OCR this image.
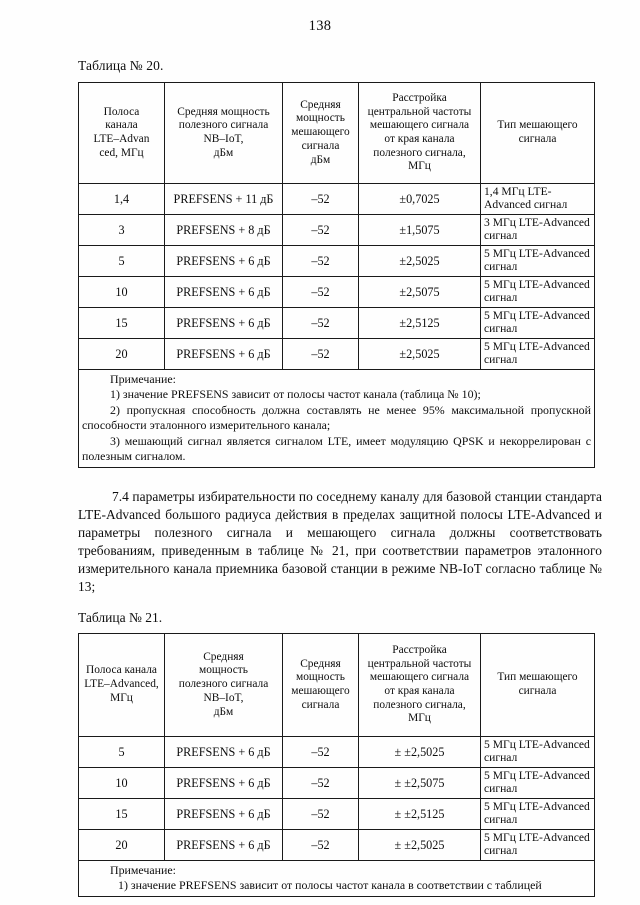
138
Таблица № 20.
Полоса
канала
LTE–Advan
ced, МГц	Средняя мощность
полезного сигнала
NB–IoT,
дБм	Средняя
мощность
мешающего
сигнала
дБм	Расстройка
центральной частоты
мешающего сигнала
от края канала
полезного сигнала,
МГц	Тип мешающего
сигнала
1,4	PREFSENS + 11 дБ	–52	±0,7025	1,4 МГц LTE-
Advanced сигнал
3	PREFSENS + 8 дБ	–52	±1,5075	3 МГц LTE-Advanced
сигнал
5	PREFSENS + 6 дБ	–52	±2,5025	5 МГц LTE-Advanced
сигнал
10	PREFSENS + 6 дБ	–52	±2,5075	5 МГц LTE-Advanced
сигнал
15	PREFSENS + 6 дБ	–52	±2,5125	5 МГц LTE-Advanced
сигнал
20	PREFSENS + 6 дБ	–52	±2,5025	5 МГц LTE-Advanced
сигнал

Примечание:

1) значение PREFSENS зависит от полосы частот канала (таблица № 10);

2) пропускная способность должна составлять не менее 95% максимальной пропускной способности эталонного измерительного канала;

3) мешающий сигнал является сигналом LTE, имеет модуляцию QPSK и некоррелирован с полезным сигналом.				

7.4 параметры избирательности по соседнему каналу для базовой станции стандарта LTE-Advanced большого радиуса действия в пределах защитной полосы LTE-Advanced и параметры полезного сигнала и мешающего сигнала должны соответствовать требованиям, приведенным в таблице № 21, при соответствии параметров эталонного измерительного канала приемника базовой станции в режиме NB-IoT согласно таблице № 13;

Таблица № 21.
Полоса канала
LTE–Advanced,
МГц	Средняя
мощность
полезного сигнала
NB–IoT,
дБм	Средняя
мощность
мешающего
сигнала	Расстройка
центральной частоты
мешающего сигнала
от края канала
полезного сигнала,
МГц	Тип мешающего
сигнала
5	PREFSENS + 6 дБ	–52	± ±2,5025	5 МГц LTE-Advanced
сигнал
10	PREFSENS + 6 дБ	–52	± ±2,5075	5 МГц LTE-Advanced
сигнал
15	PREFSENS + 6 дБ	–52	± ±2,5125	5 МГц LTE-Advanced
сигнал
20	PREFSENS + 6 дБ	–52	± ±2,5025	5 МГц LTE-Advanced
сигнал

Примечание:

1) значение PREFSENS зависит от полосы частот канала в соответствии с таблицей				
